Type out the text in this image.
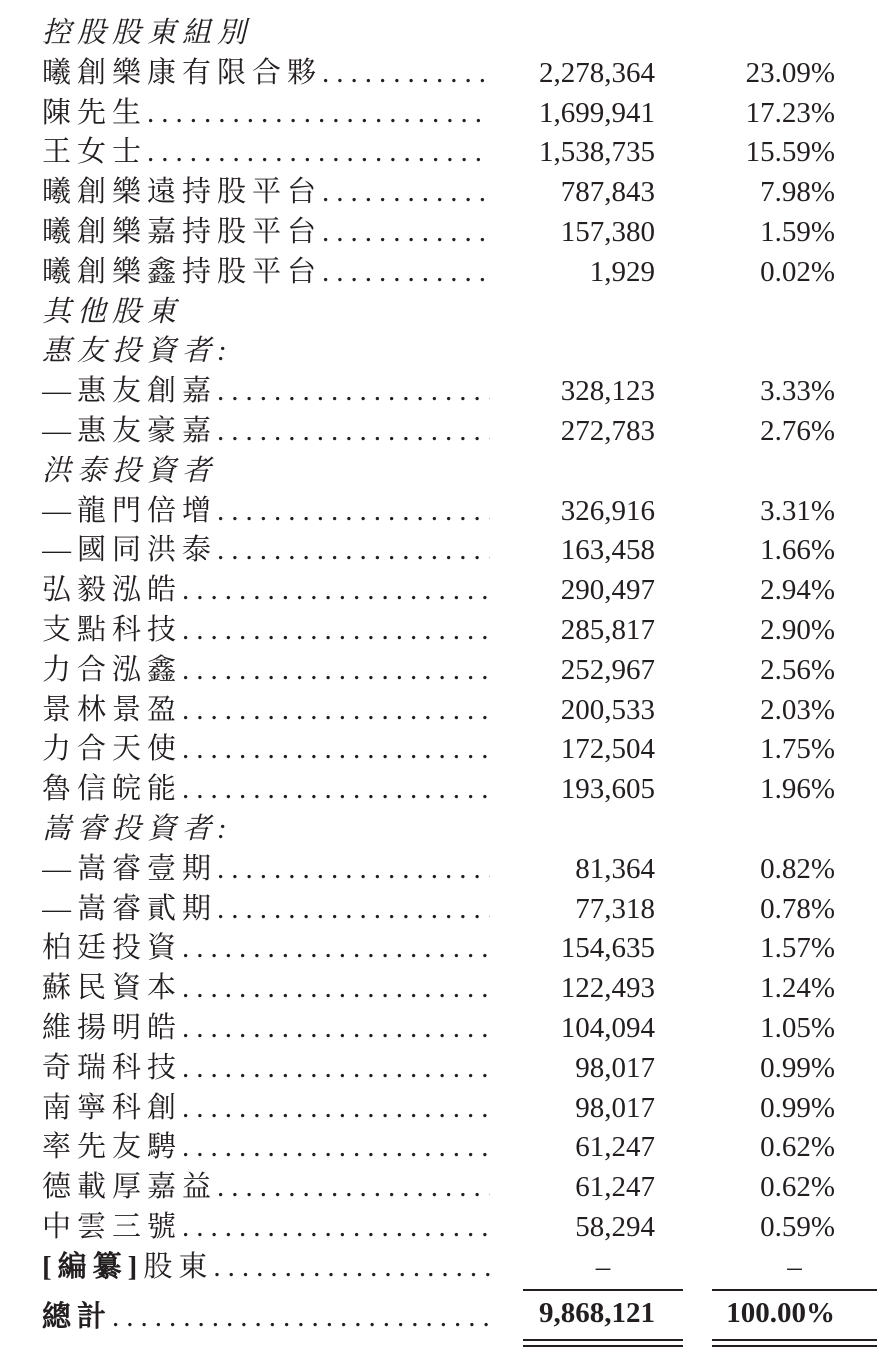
控股股東組別
曦創樂康有限合夥 .....	2,278,364	23.09%
陳先生 .....	1,699,941	17.23%
王女士 .....	1,538,735	15.59%
曦創樂遠持股平台 .....	787,843	7.98%
曦創樂嘉持股平台 .....	157,380	1.59%
曦創樂鑫持股平台 .....	1,929	0.02%
其他股東
惠友投資者:
—惠友創嘉 .....	328,123	3.33%
—惠友豪嘉 .....	272,783	2.76%
洪泰投資者
—龍門倍增 .....	326,916	3.31%
—國同洪泰 .....	163,458	1.66%
弘毅泓皓 .....	290,497	2.94%
支點科技 .....	285,817	2.90%
力合泓鑫 .....	252,967	2.56%
景林景盈 .....	200,533	2.03%
力合天使 .....	172,504	1.75%
魯信皖能 .....	193,605	1.96%
嵩睿投資者:
—嵩睿壹期 .....	81,364	0.82%
—嵩睿貳期 .....	77,318	0.78%
柏廷投資 .....	154,635	1.57%
蘇民資本 .....	122,493	1.24%
維揚明皓 .....	104,094	1.05%
奇瑞科技 .....	98,017	0.99%
南寧科創 .....	98,017	0.99%
率先友騁 .....	61,247	0.62%
德載厚嘉益 .....	61,247	0.62%
中雲三號 .....	58,294	0.59%
[編纂]股東 .....	–	–
總計 .....	9,868,121	100.00%
